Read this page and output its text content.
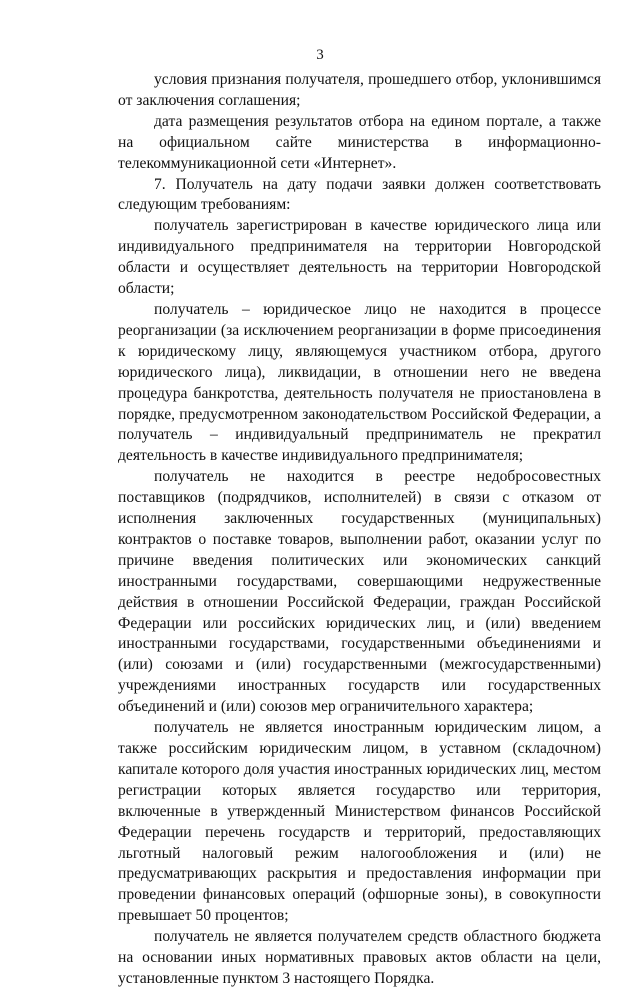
3

условия признания получателя, прошедшего отбор, уклонившимся от заключения соглашения;

дата размещения результатов отбора на едином портале, а также на официальном сайте министерства в информационно-телекоммуникационной сети «Интернет».

7. Получатель на дату подачи заявки должен соответствовать следующим требованиям:

получатель зарегистрирован в качестве юридического лица или индивидуального предпринимателя на территории Новгородской области и осуществляет деятельность на территории Новгородской области;

получатель – юридическое лицо не находится в процессе реорганизации (за исключением реорганизации в форме присоединения к юридическому лицу, являющемуся участником отбора, другого юридического лица), ликвидации, в отношении него не введена процедура банкротства, деятельность получателя не приостановлена в порядке, предусмотренном законодательством Российской Федерации, а получатель – индивидуальный предприниматель не прекратил деятельность в качестве индивидуального предпринимателя;

получатель не находится в реестре недобросовестных поставщиков (подрядчиков, исполнителей) в связи с отказом от исполнения заключенных государственных (муниципальных) контрактов о поставке товаров, выполнении работ, оказании услуг по причине введения политических или экономических санкций иностранными государствами, совершающими недружественные действия в отношении Российской Федерации, граждан Российской Федерации или российских юридических лиц, и (или) введением иностранными государствами, государственными объединениями и (или) союзами и (или) государственными (межгосударственными) учреждениями иностранных государств или государственных объединений и (или) союзов мер ограничительного характера;

получатель не является иностранным юридическим лицом, а также российским юридическим лицом, в уставном (складочном) капитале которого доля участия иностранных юридических лиц, местом регистрации которых является государство или территория, включенные в утвержденный Министерством финансов Российской Федерации перечень государств и территорий, предоставляющих льготный налоговый режим налогообложения и (или) не предусматривающих раскрытия и предоставления информации при проведении финансовых операций (офшорные зоны), в совокупности превышает 50 процентов;

получатель не является получателем средств областного бюджета на основании иных нормативных правовых актов области на цели, установленные пунктом 3 настоящего Порядка.
